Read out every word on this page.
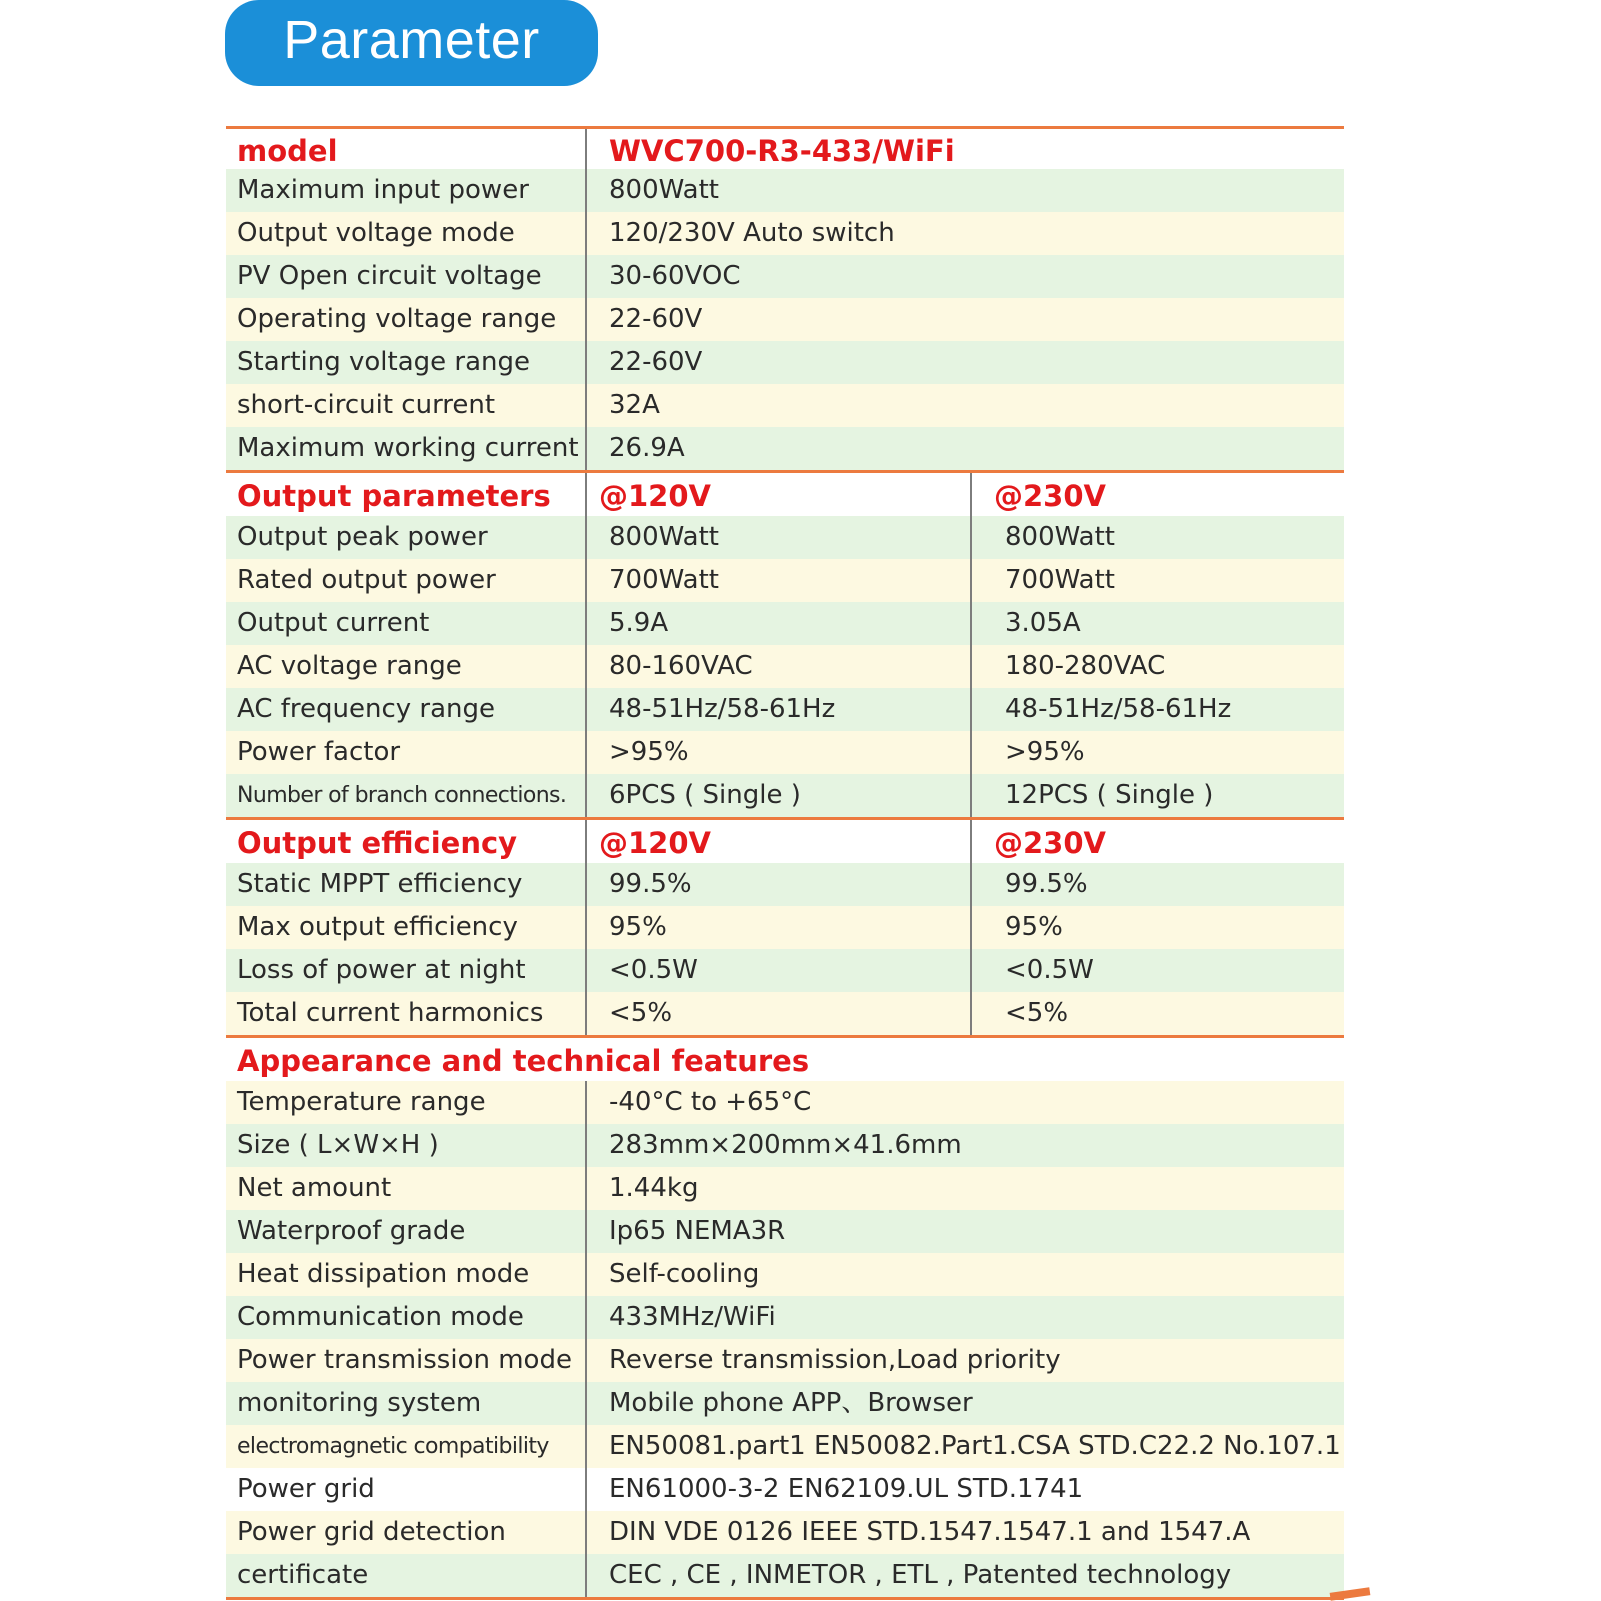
Parameter
model	WVC700-R3-433/WiFi
Maximum input power	800Watt
Output voltage mode	120/230V Auto switch
PV Open circuit voltage	30-60VOC
Operating voltage range	22-60V
Starting voltage range	22-60V
short-circuit current	32A
Maximum working current	26.9A
Output parameters	@120V	@230V
Output peak power	800Watt	800Watt
Rated output power	700Watt	700Watt
Output current	5.9A	3.05A
AC voltage range	80-160VAC	180-280VAC
AC frequency range	48-51Hz/58-61Hz	48-51Hz/58-61Hz
Power factor	>95%	>95%
Number of branch connections.	6PCS ( Single )	12PCS ( Single )
Output efficiency	@120V	@230V
Static MPPT efficiency	99.5%	99.5%
Max output efficiency	95%	95%
Loss of power at night	<0.5W	<0.5W
Total current harmonics	<5%	<5%
Appearance and technical features
Temperature range	-40°C to +65°C
Size ( L×W×H )	283mm×200mm×41.6mm
Net amount	1.44kg
Waterproof grade	Ip65 NEMA3R
Heat dissipation mode	Self-cooling
Communication mode	433MHz/WiFi
Power transmission mode	Reverse transmission,Load priority
monitoring system	Mobile phone APP、Browser
electromagnetic compatibility	EN50081.part1 EN50082.Part1.CSA STD.C22.2 No.107.1
Power grid	EN61000-3-2 EN62109.UL STD.1741
Power grid detection	DIN VDE 0126 IEEE STD.1547.1547.1 and 1547.A
certificate	CEC , CE , INMETOR , ETL , Patented technology
